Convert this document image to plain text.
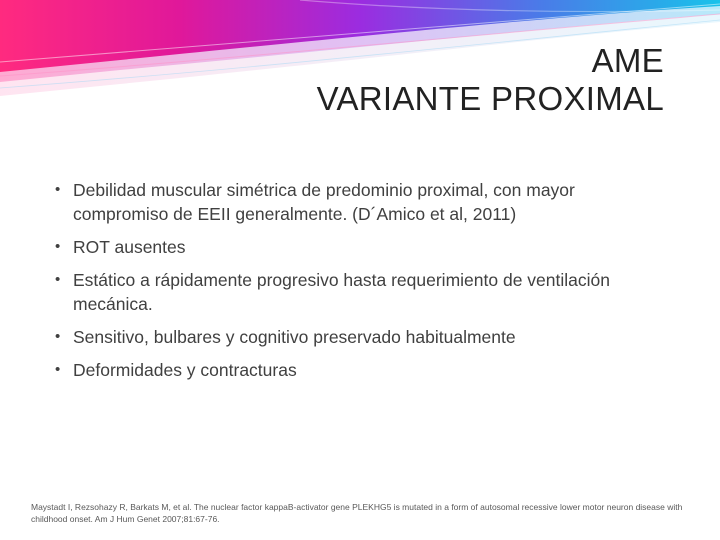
AME
VARIANTE PROXIMAL
• Debilidad muscular simétrica de predominio proximal, con mayor compromiso de EEII generalmente. (D´Amico et al, 2011)
• ROT ausentes
• Estático a rápidamente progresivo hasta requerimiento de ventilación mecánica.
• Sensitivo, bulbares y cognitivo preservado habitualmente
• Deformidades y contracturas
Maystadt I, Rezsohazy R, Barkats M, et al. The nuclear factor kappaB-activator gene PLEKHG5 is mutated in a form of autosomal recessive lower motor neuron disease with childhood onset. Am J Hum Genet 2007;81:67-76.
